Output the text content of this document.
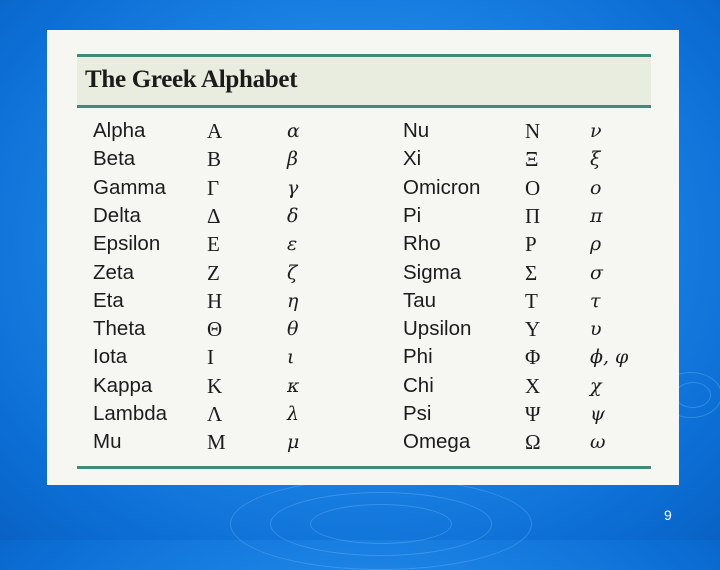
The Greek Alphabet
Alpha	Α	α	Nu	Ν	ν
Beta	Β	β	Xi	Ξ	ξ
Gamma Γ	γ	Omicron Ο	ο
Delta	Δ	δ	Pi	Π	π
Epsilon Ε	ε	Rho	Ρ	ρ
Zeta	Ζ	ζ	Sigma	Σ	σ
Eta	Η	η	Tau	Τ	τ
Theta	Θ	θ	Upsilon	Υ	υ
Iota	Ι	ι	Phi	Φ	ϕ, φ
Kappa	Κ	κ	Chi	Χ	χ
Lambda Λ	λ	Psi	Ψ	ψ
Mu	Μ	μ	Omega	Ω	ω
9
